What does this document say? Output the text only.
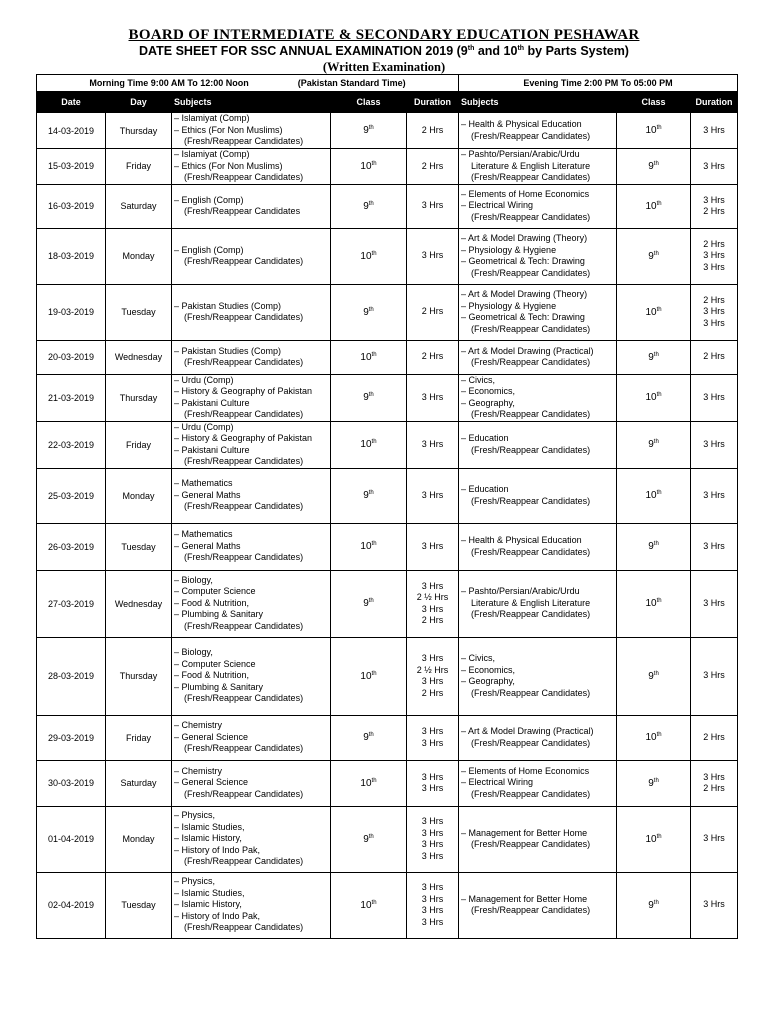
BOARD OF INTERMEDIATE & SECONDARY EDUCATION PESHAWAR
DATE SHEET FOR SSC ANNUAL EXAMINATION 2019 (9th and 10th by Parts System)
(Written Examination)
Morning Time 9:00 AM To 12:00 Noon (Pakistan Standard Time)					Evening Time 2:00 PM To 05:00 PM		
Date	Day	Subjects	Class	Duration	Subjects	Class	Duration
14-03-2019	Thursday	– Islamiyat (Comp)
– Ethics (For Non Muslims)
(Fresh/Reappear Candidates)	9th	2 Hrs	– Health & Physical Education
(Fresh/Reappear Candidates)	10th	3 Hrs

15-03-2019	Friday	– Islamiyat (Comp)
– Ethics (For Non Muslims)
(Fresh/Reappear Candidates)	10th	2 Hrs	– Pashto/Persian/Arabic/Urdu
Literature & English Literature
(Fresh/Reappear Candidates)	9th	3 Hrs

16-03-2019	Saturday	– English (Comp)
(Fresh/Reappear Candidates	9th	3 Hrs	– Elements of Home Economics
– Electrical Wiring
(Fresh/Reappear Candidates)	10th	3 Hrs
2 Hrs

18-03-2019	Monday	– English (Comp)
(Fresh/Reappear Candidates)	10th	3 Hrs	– Art & Model Drawing (Theory)
– Physiology & Hygiene
– Geometrical & Tech: Drawing
(Fresh/Reappear Candidates)	9th	2 Hrs
3 Hrs
3 Hrs

19-03-2019	Tuesday	– Pakistan Studies (Comp)
(Fresh/Reappear Candidates)	9th	2 Hrs	– Art & Model Drawing (Theory)
– Physiology & Hygiene
– Geometrical & Tech: Drawing
(Fresh/Reappear Candidates)	10th	2 Hrs
3 Hrs
3 Hrs

20-03-2019	Wednesday	– Pakistan Studies (Comp)
(Fresh/Reappear Candidates)	10th	2 Hrs	– Art & Model Drawing (Practical)
(Fresh/Reappear Candidates)	9th	2 Hrs

21-03-2019	Thursday	– Urdu (Comp)
– History & Geography of Pakistan
– Pakistani Culture
(Fresh/Reappear Candidates)	9th	3 Hrs	– Civics,
– Economics,
– Geography,
(Fresh/Reappear Candidates)	10th	3 Hrs

22-03-2019	Friday	– Urdu (Comp)
– History & Geography of Pakistan
– Pakistani Culture
(Fresh/Reappear Candidates)	10th	3 Hrs	– Education
(Fresh/Reappear Candidates)	9th	3 Hrs

25-03-2019	Monday	– Mathematics
– General Maths
(Fresh/Reappear Candidates)	9th	3 Hrs	– Education
(Fresh/Reappear Candidates)	10th	3 Hrs

26-03-2019	Tuesday	– Mathematics
– General Maths
(Fresh/Reappear Candidates)	10th	3 Hrs	– Health & Physical Education
(Fresh/Reappear Candidates)	9th	3 Hrs

27-03-2019	Wednesday	– Biology,
– Computer Science
– Food & Nutrition,
– Plumbing & Sanitary
(Fresh/Reappear Candidates)	9th	3 Hrs
2 ½ Hrs
3 Hrs
2 Hrs	– Pashto/Persian/Arabic/Urdu
Literature & English Literature
(Fresh/Reappear Candidates)	10th	3 Hrs

28-03-2019	Thursday	– Biology,
– Computer Science
– Food & Nutrition,
– Plumbing & Sanitary
(Fresh/Reappear Candidates)	10th	3 Hrs
2 ½ Hrs
3 Hrs
2 Hrs	– Civics,
– Economics,
– Geography,
(Fresh/Reappear Candidates)	9th	3 Hrs

29-03-2019	Friday	– Chemistry
– General Science
(Fresh/Reappear Candidates)	9th	3 Hrs
3 Hrs	– Art & Model Drawing (Practical)
(Fresh/Reappear Candidates)	10th	2 Hrs

30-03-2019	Saturday	– Chemistry
– General Science
(Fresh/Reappear Candidates)	10th	3 Hrs
3 Hrs	– Elements of Home Economics
– Electrical Wiring
(Fresh/Reappear Candidates)	9th	3 Hrs
2 Hrs

01-04-2019	Monday	– Physics,
– Islamic Studies,
– Islamic History,
– History of Indo Pak,
(Fresh/Reappear Candidates)	9th	3 Hrs
3 Hrs
3 Hrs
3 Hrs	– Management for Better Home
(Fresh/Reappear Candidates)	10th	3 Hrs

02-04-2019	Tuesday	– Physics,
– Islamic Studies,
– Islamic History,
– History of Indo Pak,
(Fresh/Reappear Candidates)	10th	3 Hrs
3 Hrs
3 Hrs
3 Hrs	– Management for Better Home
(Fresh/Reappear Candidates)	9th	3 Hrs
